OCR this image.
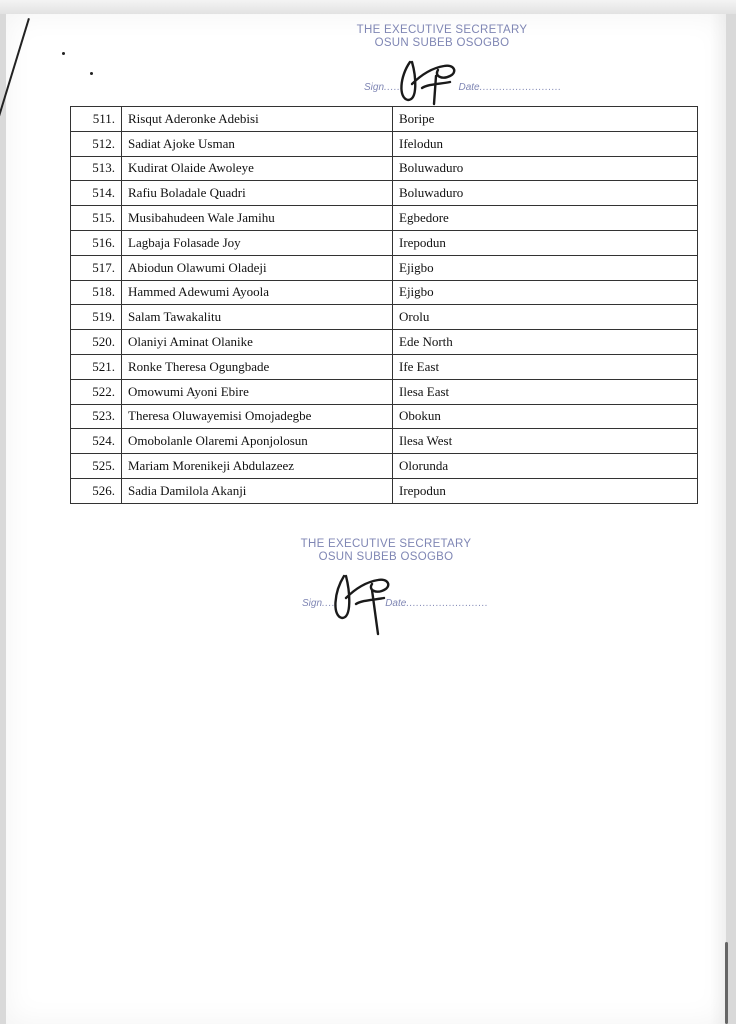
THE EXECUTIVE SECRETARY
OSUN SUBEB OSOGBO
Sign......	Date.........................
511.	Risqut Aderonke Adebisi	Boripe
512.	Sadiat Ajoke Usman	Ifelodun
513.	Kudirat Olaide Awoleye	Boluwaduro
514.	Rafiu Boladale Quadri	Boluwaduro
515.	Musibahudeen Wale Jamihu	Egbedore
516.	Lagbaja Folasade Joy	Irepodun
517.	Abiodun Olawumi Oladeji	Ejigbo
518.	Hammed Adewumi Ayoola	Ejigbo
519.	Salam Tawakalitu	Orolu
520.	Olaniyi Aminat Olanike	Ede North
521.	Ronke Theresa Ogungbade	Ife East
522.	Omowumi Ayoni Ebire	Ilesa East
523.	Theresa Oluwayemisi Omojadegbe	Obokun
524.	Omobolanle Olaremi Aponjolosun	Ilesa West
525.	Mariam Morenikeji Abdulazeez	Olorunda
526.	Sadia Damilola Akanji	Irepodun
THE EXECUTIVE SECRETARY
OSUN SUBEB OSOGBO
Sign.....	Date.........................
